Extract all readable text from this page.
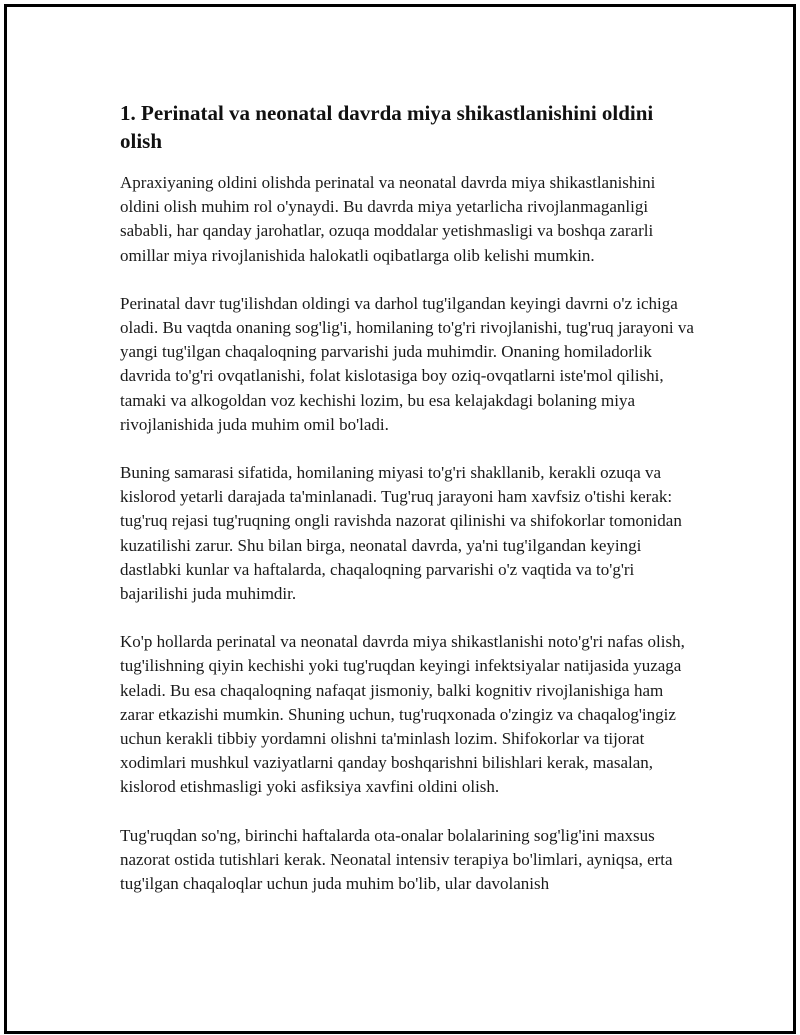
1. Perinatal va neonatal davrda miya shikastlanishini oldini olish

Apraxiyaning oldini olishda perinatal va neonatal davrda miya shikastlanishini oldini olish muhim rol o'ynaydi. Bu davrda miya yetarlicha rivojlanmaganligi sababli, har qanday jarohatlar, ozuqa moddalar yetishmasligi va boshqa zararli omillar miya rivojlanishida halokatli oqibatlarga olib kelishi mumkin.

Perinatal davr tug'ilishdan oldingi va darhol tug'ilgandan keyingi davrni o'z ichiga oladi. Bu vaqtda onaning sog'lig'i, homilaning to'g'ri rivojlanishi, tug'ruq jarayoni va yangi tug'ilgan chaqaloqning parvarishi juda muhimdir. Onaning homiladorlik davrida to'g'ri ovqatlanishi, folat kislotasiga boy oziq-ovqatlarni iste'mol qilishi, tamaki va alkogoldan voz kechishi lozim, bu esa kelajakdagi bolaning miya rivojlanishida juda muhim omil bo'ladi.

Buning samarasi sifatida, homilaning miyasi to'g'ri shakllanib, kerakli ozuqa va kislorod yetarli darajada ta'minlanadi. Tug'ruq jarayoni ham xavfsiz o'tishi kerak: tug'ruq rejasi tug'ruqning ongli ravishda nazorat qilinishi va shifokorlar tomonidan kuzatilishi zarur. Shu bilan birga, neonatal davrda, ya'ni tug'ilgandan keyingi dastlabki kunlar va haftalarda, chaqaloqning parvarishi o'z vaqtida va to'g'ri bajarilishi juda muhimdir.

Ko'p hollarda perinatal va neonatal davrda miya shikastlanishi noto'g'ri nafas olish, tug'ilishning qiyin kechishi yoki tug'ruqdan keyingi infektsiyalar natijasida yuzaga keladi. Bu esa chaqaloqning nafaqat jismoniy, balki kognitiv rivojlanishiga ham zarar etkazishi mumkin. Shuning uchun, tug'ruqxonada o'zingiz va chaqalog'ingiz uchun kerakli tibbiy yordamni olishni ta'minlash lozim. Shifokorlar va tijorat xodimlari mushkul vaziyatlarni qanday boshqarishni bilishlari kerak, masalan, kislorod etishmasligi yoki asfiksiya xavfini oldini olish.

Tug'ruqdan so'ng, birinchi haftalarda ota-onalar bolalarining sog'lig'ini maxsus nazorat ostida tutishlari kerak. Neonatal intensiv terapiya bo'limlari, ayniqsa, erta tug'ilgan chaqaloqlar uchun juda muhim bo'lib, ular davolanish
